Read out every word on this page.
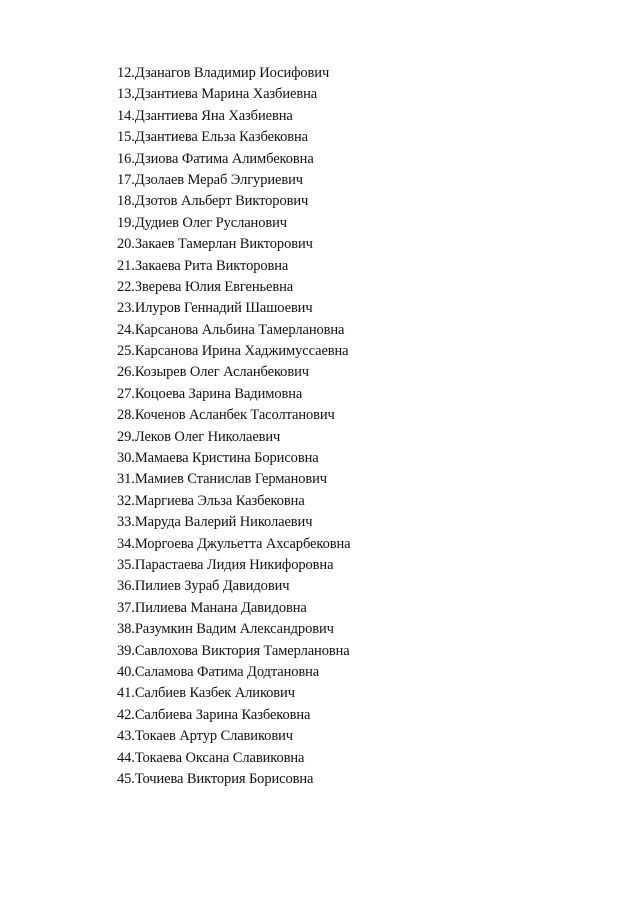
12.Дзанагов Владимир Иосифович
13.Дзантиева Марина Хазбиевна
14.Дзантиева Яна Хазбиевна
15.Дзантиева Ельза Казбековна
16.Дзиова Фатима Алимбековна
17.Дзолаев Мераб Элгуриевич
18.Дзотов Альберт Викторович
19.Дудиев Олег Русланович
20.Закаев Тамерлан Викторович
21.Закаева Рита Викторовна
22.Зверева Юлия Евгеньевна
23.Илуров Геннадий Шашоевич
24.Карсанова Альбина Тамерлановна
25.Карсанова Ирина Хаджимуссаевна
26.Козырев Олег Асланбекович
27.Коцоева Зарина Вадимовна
28.Коченов Асланбек Тасолтанович
29.Леков Олег Николаевич
30.Мамаева Кристина Борисовна
31.Мамиев Станислав Германович
32.Маргиева Эльза Казбековна
33.Маруда Валерий Николаевич
34.Моргоева Джульетта Ахсарбековна
35.Парастаева Лидия Никифоровна
36.Пилиев Зураб Давидович
37.Пилиева Манана Давидовна
38.Разумкин Вадим Александрович
39.Савлохова Виктория Тамерлановна
40.Саламова Фатима Додтановна
41.Салбиев Казбек Аликович
42.Салбиева Зарина Казбековна
43.Токаев Артур Славикович
44.Токаева Оксана Славиковна
45.Точиева Виктория Борисовна
